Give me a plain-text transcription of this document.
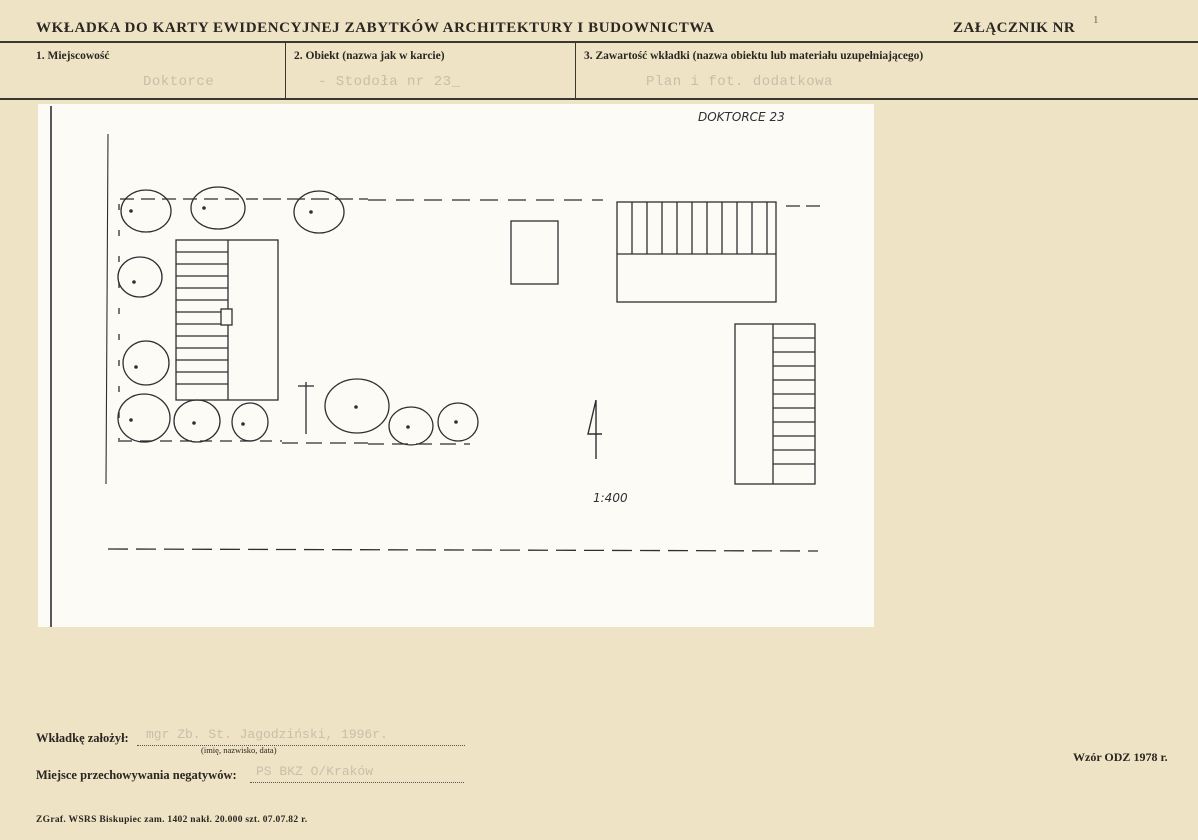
WKŁADKA DO KARTY EWIDENCYJNEJ ZABYTKÓW ARCHITEKTURY I BUDOWNICTWA	ZAŁĄCZNIK NR 1
1. Miejscowość
Doktorce
2. Obiekt (nazwa jak w karcie)
- Stodoła nr 23_
3. Zawartość wkładki (nazwa obiektu lub materiału uzupełniającego)
Plan i fot. dodatkowa
DOKTORCE 23
4
1:400
Wkładkę założył: mgr Zb. St. Jagodziński, 1996r.
(imię, nazwisko, data)
Miejsce przechowywania negatywów: PS BKZ O/Kraków
Wzór ODZ 1978 r.
ZGraf. WSRS Biskupiec zam. 1402 nakł. 20.000 szt. 07.07.82 r.
